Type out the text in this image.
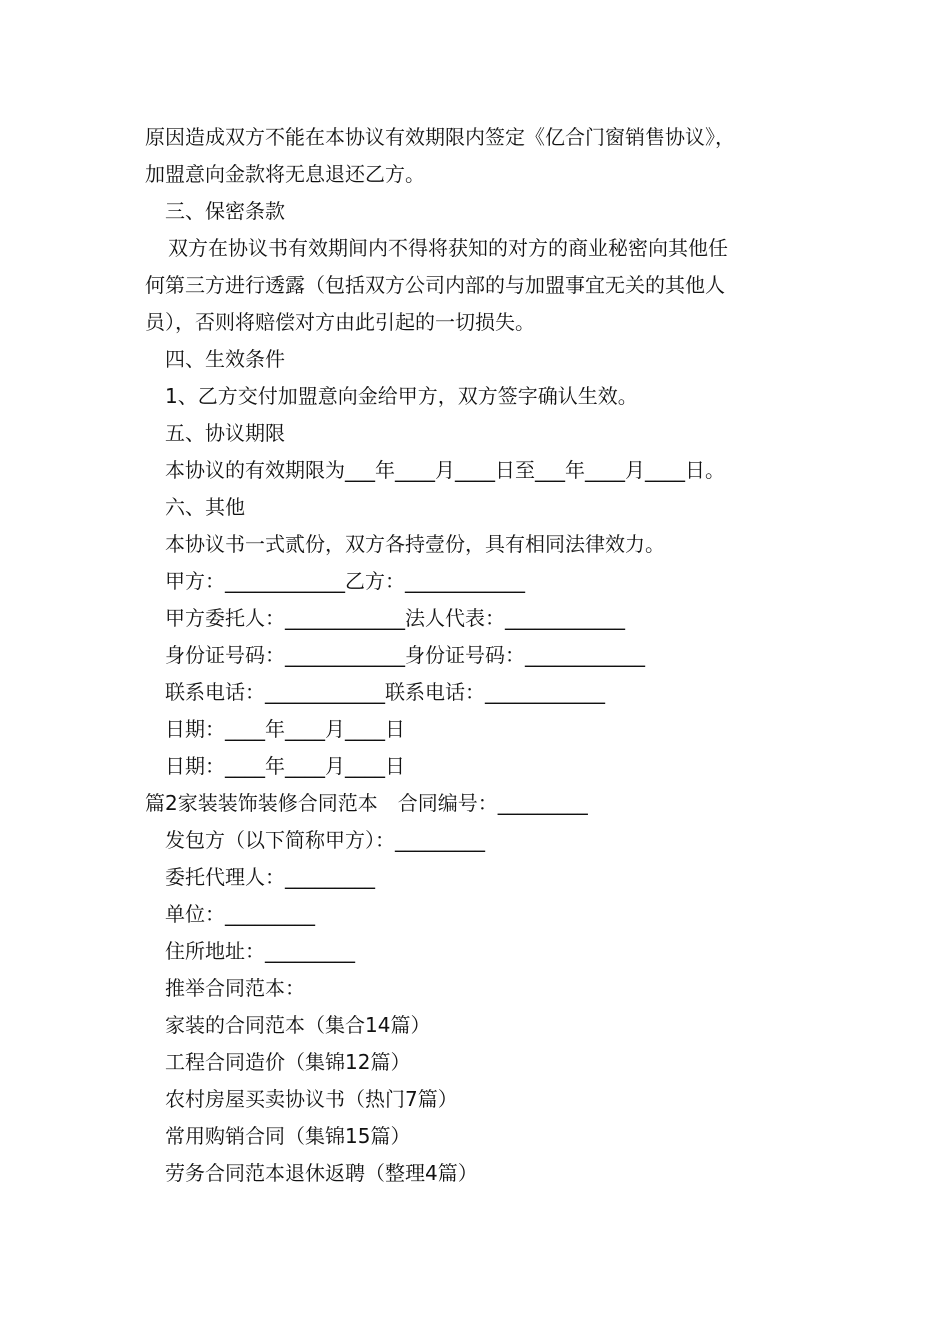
原因造成双方不能在本协议有效期限内签定《亿合门窗销售协议》，
加盟意向金款将无息退还乙方。
三、保密条款
双方在协议书有效期间内不得将获知的对方的商业秘密向其他任
何第三方进行透露（包括双方公司内部的与加盟事宜无关的其他人
员），否则将赔偿对方由此引起的一切损失。
四、生效条件
1、乙方交付加盟意向金给甲方，双方签字确认生效。
五、协议期限
本协议的有效期限为___年____月____日至___年____月____日。
六、其他
本协议书一式贰份，双方各持壹份，具有相同法律效力。
甲方：____________乙方：____________
甲方委托人：____________法人代表：____________
身份证号码：____________身份证号码：____________
联系电话：____________联系电话：____________
日期：____年____月____日
日期：____年____月____日
篇2家装装饰装修合同范本　合同编号：_________
发包方（以下简称甲方）：_________
委托代理人：_________
单位：_________
住所地址：_________
推举合同范本：
家装的合同范本（集合14篇）
工程合同造价（集锦12篇）
农村房屋买卖协议书（热门7篇）
常用购销合同（集锦15篇）
劳务合同范本退休返聘（整理4篇）
